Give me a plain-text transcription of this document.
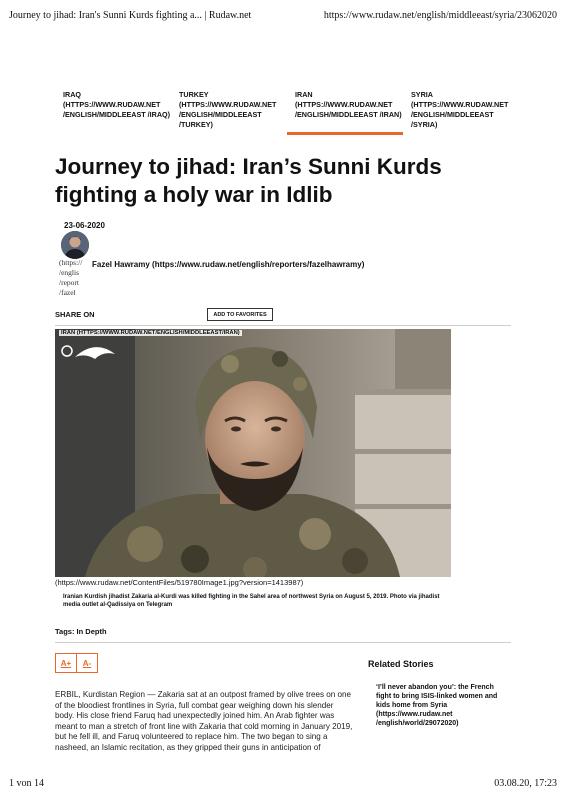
Journey to jihad: Iran's Sunni Kurds fighting a... | Rudaw.net	https://www.rudaw.net/english/middleeast/syria/23062020
IRAQ
(HTTPS://WWW.RUDAW.NET /ENGLISH/MIDDLEEAST /IRAQ)
TURKEY
(HTTPS://WWW.RUDAW.NET /ENGLISH/MIDDLEEAST /TURKEY)
IRAN
(HTTPS://WWW.RUDAW.NET /ENGLISH/MIDDLEEAST /IRAN)
SYRIA
(HTTPS://WWW.RUDAW.NET /ENGLISH/MIDDLEEAST /SYRIA)
Journey to jihad: Iran’s Sunni Kurds fighting a holy war in Idlib
23-06-2020
(https:// /englis /report /fazel
Fazel Hawramy (https://www.rudaw.net/english/reporters/fazelhawramy)
SHARE ON	ADD TO FAVORITES
IRAN (HTTPS://WWW.RUDAW.NET/ENGLISH/MIDDLEEAST/IRAN)
(https://www.rudaw.net/ContentFiles/519780Image1.jpg?version=1413987)
Iranian Kurdish jihadist Zakaria al-Kurdi was killed fighting in the Sahel area of northwest Syria on August 5, 2019. Photo via jihadist media outlet al-Qadissiya on Telegram
Tags: In Depth
A+	A-	Related Stories
‘I’ll never abandon you’: the French fight to bring ISIS-linked women and kids home from Syria (https://www.rudaw.net /english/world/29072020)
ERBIL, Kurdistan Region — Zakaria sat at an outpost framed by olive trees on one of the bloodiest frontlines in Syria, full combat gear weighing down his slender body. His close friend Faruq had unexpectedly joined him. An Arab fighter was meant to man a stretch of front line with Zakaria that cold morning in January 2019, but he fell ill, and Faruq volunteered to replace him. The two began to sing a nasheed, an Islamic recitation, as they gripped their guns in anticipation of
1 von 14	03.08.20, 17:23
